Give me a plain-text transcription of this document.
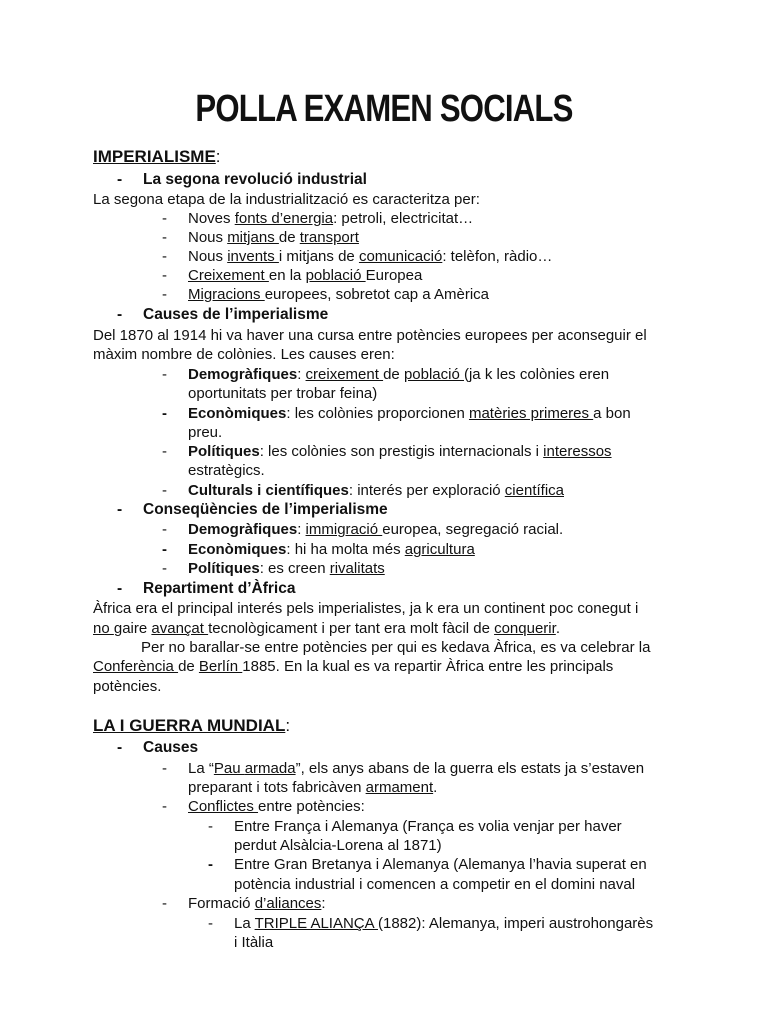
POLLA EXAMEN SOCIALS
IMPERIALISME:
- La segona revolució industrial
La segona etapa de la industrialització es caracteritza per:
- Noves fonts d’energia: petroli, electricitat…
- Nous mitjans de transport
- Nous invents i mitjans de comunicació: telèfon, ràdio…
- Creixement en la població Europea
- Migracions europees, sobretot cap a Amèrica
- Causes de l’imperialisme
Del 1870 al 1914 hi va haver una cursa entre potències europees per aconseguir el
màxim nombre de colònies. Les causes eren:
- Demogràfiques: creixement de població (ja k les colònies eren
oportunitats per trobar feina)
- Econòmiques: les colònies proporcionen matèries primeres a bon
preu.
- Polítiques: les colònies son prestigis internacionals i interessos
estratègics.
- Culturals i científiques: interés per exploració científica
- Conseqüències de l’imperialisme
- Demogràfiques: immigració europea, segregació racial.
- Econòmiques: hi ha molta més agricultura
- Polítiques: es creen rivalitats
- Repartiment d’Àfrica
Àfrica era el principal interés pels imperialistes, ja k era un continent poc conegut i
no gaire avançat tecnològicament i per tant era molt fàcil de conquerir.
Per no barallar-se entre potències per qui es kedava Àfrica, es va celebrar la
Conferència de Berlín 1885. En la kual es va repartir Àfrica entre les principals
potències.
LA I GUERRA MUNDIAL:
- Causes
- La “Pau armada”, els anys abans de la guerra els estats ja s’estaven
preparant i tots fabricàven armament.
- Conflictes entre potències:
- Entre França i Alemanya (França es volia venjar per haver
perdut Alsàlcia-Lorena al 1871)
- Entre Gran Bretanya i Alemanya (Alemanya l’havia superat en
potència industrial i comencen a competir en el domini naval
- Formació d’aliances:
- La TRIPLE ALIANÇA (1882): Alemanya, imperi austrohongarès
i Itàlia
